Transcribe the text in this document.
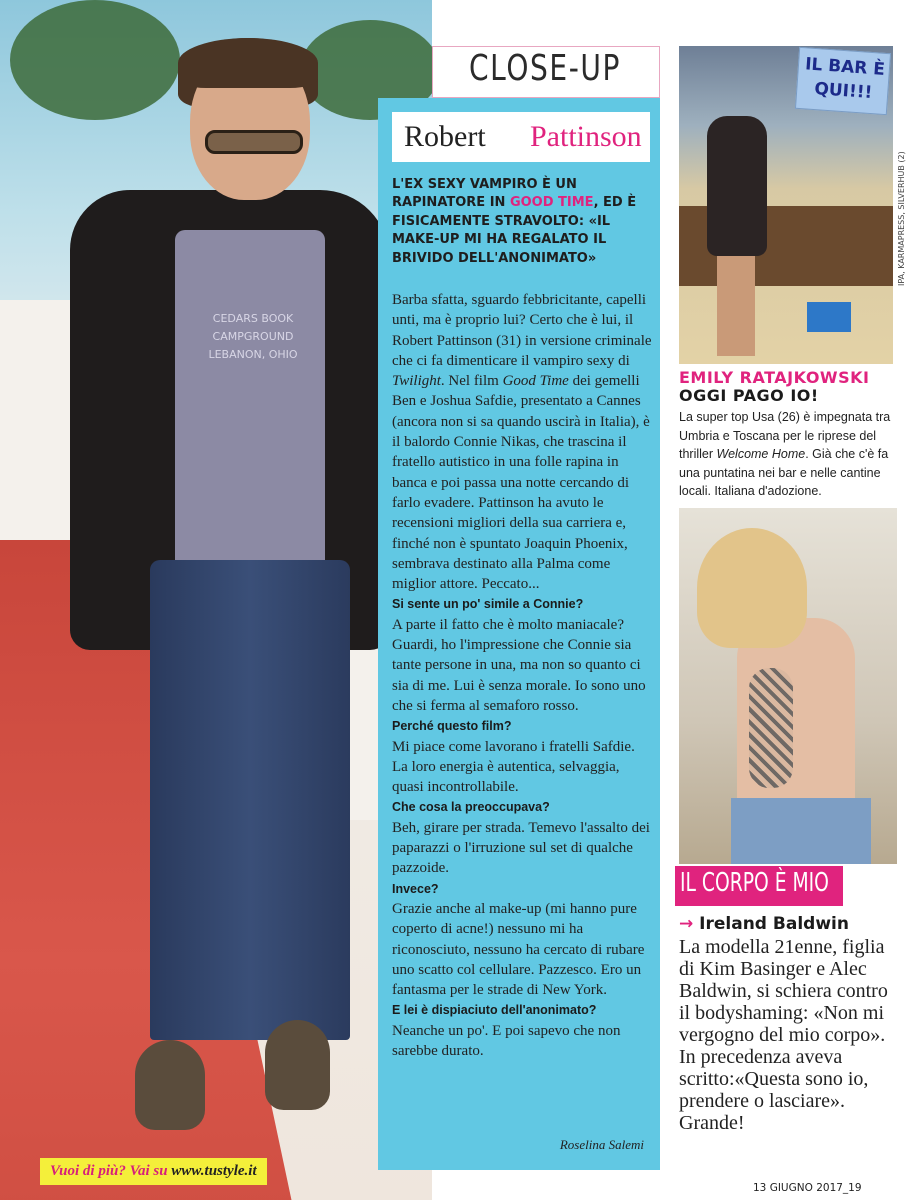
CEDARS BOOK
CAMPGROUND
LEBANON, OHIO
Vuoi di più? Vai su www.tustyle.it
CLOSE-UP
Robert Pattinson
L'EX SEXY VAMPIRO È UN RAPINATORE IN GOOD TIME, ED È FISICAMENTE STRAVOLTO: «IL MAKE-UP MI HA REGALATO IL BRIVIDO DELL'ANONIMATO»

Barba sfatta, sguardo febbricitante, capelli unti, ma è proprio lui? Certo che è lui, il Robert Pattinson (31) in versione criminale che ci fa dimenticare il vampiro sexy di Twilight. Nel film Good Time dei gemelli Ben e Joshua Safdie, presentato a Cannes (ancora non si sa quando uscirà in Italia), è il balordo Connie Nikas, che trascina il fratello autistico in una folle rapina in banca e poi passa una notte cercando di farlo evadere. Pattinson ha avuto le recensioni migliori della sua carriera e, finché non è spuntato Joaquin Phoenix, sembrava destinato alla Palma come miglior attore. Peccato...

Si sente un po' simile a Connie?

A parte il fatto che è molto maniacale? Guardi, ho l'impressione che Connie sia tante persone in una, ma non so quanto ci sia di me. Lui è senza morale. Io sono uno che si ferma al semaforo rosso.

Perché questo film?

Mi piace come lavorano i fratelli Safdie. La loro energia è autentica, selvaggia, quasi incontrollabile.

Che cosa la preoccupava?

Beh, girare per strada. Temevo l'assalto dei paparazzi o l'irruzione sul set di qualche pazzoide.

Invece?

Grazie anche al make-up (mi hanno pure coperto di acne!) nessuno mi ha riconosciuto, nessuno ha cercato di rubare uno scatto col cellulare. Pazzesco. Ero un fantasma per le strade di New York.

E lei è dispiaciuto dell'anonimato?

Neanche un po'. E poi sapevo che non sarebbe durato.

Roselina Salemi
IPA, KARMAPRESS, SILVERHUB (2)
IL BAR È QUI!!!
EMILY RATAJKOWSKI
OGGI PAGO IO!
La super top Usa (26) è impegnata tra Umbria e Toscana per le riprese del thriller Welcome Home. Già che c'è fa una puntatina nei bar e nelle cantine locali. Italiana d'adozione.
IL CORPO È MIO
→ Ireland Baldwin
La modella 21enne, figlia di Kim Basinger e Alec Baldwin, si schiera contro il bodyshaming: «Non mi vergogno del mio corpo». In precedenza aveva scritto:«Questa sono io, prendere o lasciare». Grande!
13 GIUGNO 2017_19
